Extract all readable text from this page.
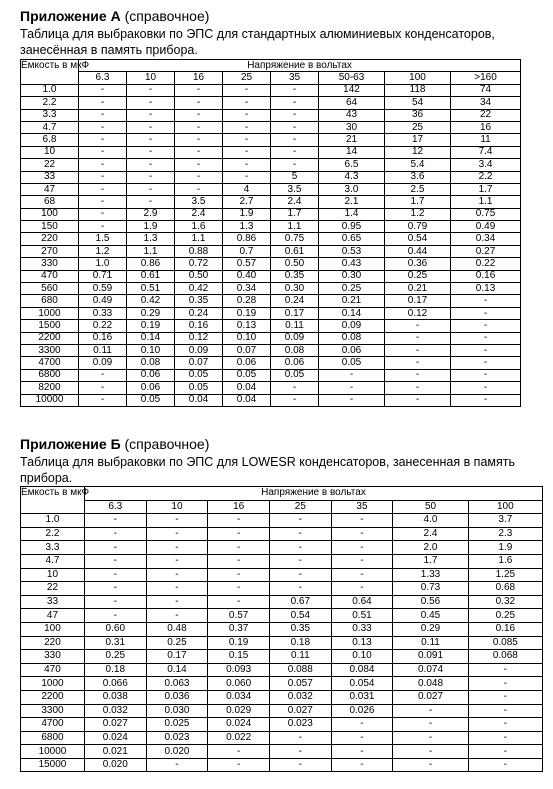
Приложение А (справочное)
Таблица для выбраковки по ЭПС для стандартных алюминиевых конденсаторов, занесённая в память прибора.
Ёмкость в мкФ	Напряжение в вольтах							
	6.3	10	16	25	35	50-63	100	>160
1.0	-	-	-	-	-	142	118	74
2.2	-	-	-	-	-	64	54	34
3.3	-	-	-	-	-	43	36	22
4.7	-	-	-	-	-	30	25	16
6.8	-	-	-	-	-	21	17	11
10	-	-	-	-	-	14	12	7.4
22	-	-	-	-	-	6.5	5.4	3.4
33	-	-	-	-	5	4.3	3.6	2.2
47	-	-	-	4	3.5	3.0	2.5	1.7
68	-	-	3.5	2.7	2.4	2.1	1.7	1.1
100	-	2.9	2.4	1.9	1.7	1.4	1.2	0.75
150	-	1.9	1.6	1.3	1.1	0.95	0.79	0.49
220	1.5	1.3	1.1	0.86	0.75	0.65	0.54	0.34
270	1.2	1.1	0.88	0.7	0.61	0.53	0.44	0.27
330	1.0	0.86	0.72	0.57	0.50	0.43	0.36	0.22
470	0.71	0.61	0.50	0.40	0.35	0.30	0.25	0.16
560	0.59	0.51	0.42	0.34	0.30	0.25	0.21	0.13
680	0.49	0.42	0.35	0.28	0.24	0.21	0.17	-
1000	0.33	0.29	0.24	0.19	0.17	0.14	0.12	-
1500	0.22	0.19	0.16	0.13	0.11	0.09	-	-
2200	0.16	0.14	0.12	0.10	0.09	0.08	-	-
3300	0.11	0.10	0.09	0.07	0.08	0.06	-	-
4700	0.09	0.08	0.07	0.06	0.06	0.05	-	-
6800	-	0.06	0.05	0.05	0.05	-	-	-
8200	-	0.06	0.05	0.04	-	-	-	-
10000	-	0.05	0.04	0.04	-	-	-	-
Приложение Б (справочное)
Таблица для выбраковки по ЭПС для LOWESR конденсаторов, занесенная в память прибора.
Ёмкость в мкФ	Напряжение в вольтах						
	6.3	10	16	25	35	50	100
1.0	-	-	-	-	-	4.0	3.7
2.2	-	-	-	-	-	2.4	2.3
3.3	-	-	-	-	-	2.0	1.9
4.7	-	-	-	-	-	1.7	1.6
10	-	-	-	-	-	1.33	1.25
22	-	-	-	-	-	0.73	0.68
33	-	-	-	0.67	0.64	0.56	0.32
47	-	-	0.57	0.54	0.51	0.45	0.25
100	0.60	0.48	0.37	0.35	0.33	0.29	0.16
220	0.31	0.25	0.19	0.18	0.13	0.11	0.085
330	0.25	0.17	0.15	0.11	0.10	0.091	0.068
470	0.18	0.14	0.093	0.088	0.084	0.074	-
1000	0.066	0.063	0.060	0.057	0.054	0.048	-
2200	0.038	0.036	0.034	0.032	0.031	0.027	-
3300	0.032	0.030	0.029	0.027	0.026	-	-
4700	0.027	0.025	0.024	0.023	-	-	-
6800	0.024	0.023	0.022	-	-	-	-
10000	0.021	0.020	-	-	-	-	-
15000	0.020	-	-	-	-	-	-
